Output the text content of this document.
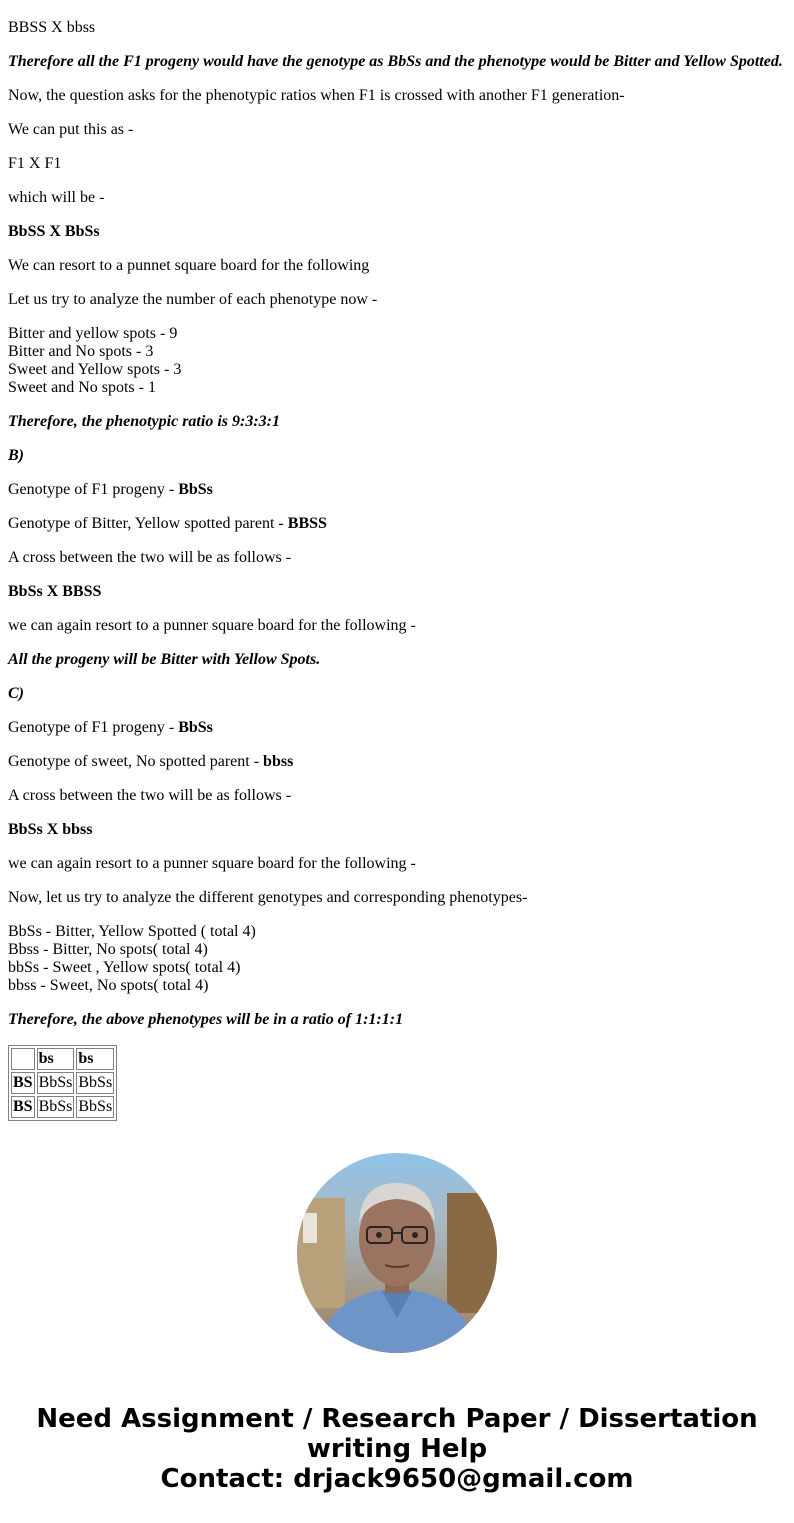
BBSS X bbss

Therefore all the F1 progeny would have the genotype as BbSs and the phenotype would be Bitter and Yellow Spotted.

Now, the question asks for the phenotypic ratios when F1 is crossed with another F1 generation-

We can put this as -

F1 X F1

which will be -

BbSS X BbSs

We can resort to a punnet square board for the following

Let us try to analyze the number of each phenotype now -

Bitter and yellow spots - 9
Bitter and No spots - 3
Sweet and Yellow spots - 3
Sweet and No spots - 1

Therefore, the phenotypic ratio is 9:3:3:1

B)

Genotype of F1 progeny - BbSs

Genotype of Bitter, Yellow spotted parent - BBSS

A cross between the two will be as follows -

BbSs X BBSS

we can again resort to a punner square board for the following -

All the progeny will be Bitter with Yellow Spots.

C)

Genotype of F1 progeny - BbSs

Genotype of sweet, No spotted parent - bbss

A cross between the two will be as follows -

BbSs X bbss

we can again resort to a punner square board for the following -

Now, let us try to analyze the different genotypes and corresponding phenotypes-

BbSs - Bitter, Yellow Spotted ( total 4)
Bbss - Bitter, No spots( total 4)
bbSs - Sweet , Yellow spots( total 4)
bbss - Sweet, No spots( total 4)

Therefore, the above phenotypes will be in a ratio of 1:1:1:1

	bs	bs
BS	BbSs	BbSs
BS	BbSs	BbSs
Need Assignment / Research Paper / Dissertation
writing Help
Contact: drjack9650@gmail.com
